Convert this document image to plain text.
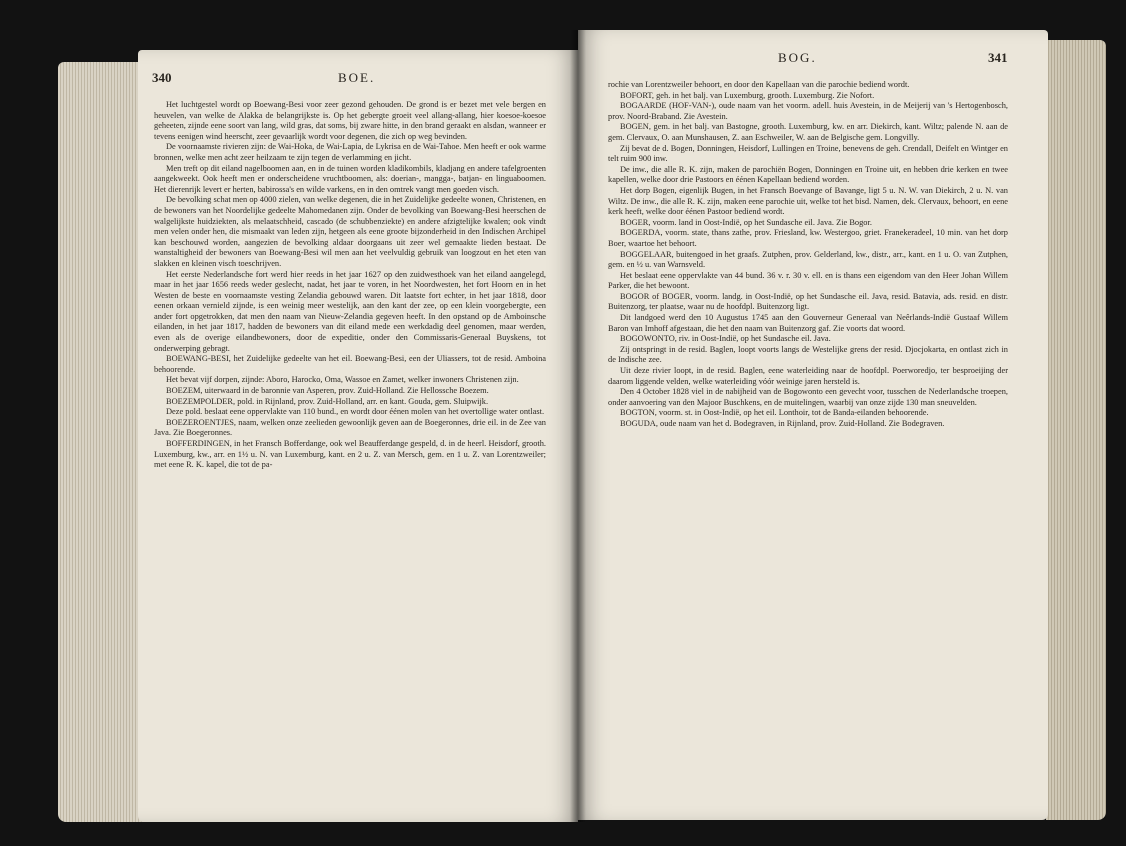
340	BOE.

Het luchtgestel wordt op Boewang-Besi voor zeer gezond gehouden. De grond is er bezet met vele bergen en heuvelen, van welke de Alakka de belangrijkste is. Op het gebergte groeit veel allang-allang, hier koesoe-koesoe geheeten, zijnde eene soort van lang, wild gras, dat soms, bij zware hitte, in den brand geraakt en alsdan, wanneer er tevens eenigen wind heerscht, zeer gevaarlijk wordt voor degenen, die zich op weg bevinden.

De voornaamste rivieren zijn: de Wai-Hoka, de Wai-Lapia, de Lykrisa en de Wai-Tahoe. Men heeft er ook warme bronnen, welke men acht zeer heilzaam te zijn tegen de verlamming en jicht.

Men treft op dit eiland nagelboomen aan, en in de tuinen worden kladikombils, kladjang en andere tafelgroenten aangekweekt. Ook heeft men er onderscheidene vruchtboomen, als: doerian-, mangga-, batjan- en linguaboomen. Het dierenrijk levert er herten, babirossa's en wilde varkens, en in den omtrek vangt men goeden visch.

De bevolking schat men op 4000 zielen, van welke degenen, die in het Zuidelijke gedeelte wonen, Christenen, en de bewoners van het Noordelijke gedeelte Mahomedanen zijn. Onder de bevolking van Boewang-Besi heerschen de walgelijkste huidziekten, als melaatschheid, cascado (de schubbenziekte) en andere afzigtelijke kwalen; ook vindt men velen onder hen, die mismaakt van leden zijn, hetgeen als eene groote bijzonderheid in den Indischen Archipel kan beschouwd worden, aangezien de bevolking aldaar doorgaans uit zeer wel gemaakte lieden bestaat. De wanstaltigheid der bewoners van Boewang-Besi wil men aan het veelvuldig gebruik van loogzout en het eten van slakken en kleinen visch toeschrijven.

Het eerste Nederlandsche fort werd hier reeds in het jaar 1627 op den zuidwesthoek van het eiland aangelegd, maar in het jaar 1656 reeds weder geslecht, nadat, het jaar te voren, in het Noordwesten, het fort Hoorn en in het Westen de beste en voornaamste vesting Zelandia gebouwd waren. Dit laatste fort echter, in het jaar 1818, door eenen orkaan vernield zijnde, is een weinig meer westelijk, aan den kant der zee, op een klein voorgebergte, een ander fort opgetrokken, dat men den naam van Nieuw-Zelandia gegeven heeft. In den opstand op de Amboinsche eilanden, in het jaar 1817, hadden de bewoners van dit eiland mede een werkdadig deel genomen, maar werden, even als de overige eilandbewoners, door de expeditie, onder den Commissaris-Generaal Buyskens, tot onderwerping gebragt.

BOEWANG-BESI, het Zuidelijke gedeelte van het eil. Boewang-Besi, een der Uliassers, tot de resid. Amboina behoorende.

Het bevat vijf dorpen, zijnde: Aboro, Harocko, Oma, Wassoe en Zamet, welker inwoners Christenen zijn.

BOEZEM, uiterwaard in de baronnie van Asperen, prov. Zuid-Holland. Zie Hellossche Boezem.

BOEZEMPOLDER, pold. in Rijnland, prov. Zuid-Holland, arr. en kant. Gouda, gem. Sluipwijk.

Deze pold. beslaat eene oppervlakte van 110 bund., en wordt door éénen molen van het overtollige water ontlast.

BOEZEROENTJES, naam, welken onze zeelieden gewoonlijk geven aan de Boegeronnes, drie eil. in de Zee van Java. Zie Boegeronnes.

BOFFERDINGEN, in het Fransch Bofferdange, ook wel Beaufferdange gespeld, d. in de heerl. Heisdorf, grooth. Luxemburg, kw., arr. en 1½ u. N. van Luxemburg, kant. en 2 u. Z. van Mersch, gem. en 1 u. Z. van Lorentzweiler; met eene R. K. kapel, die tot de pa-

BOG.	341

rochie van Lorentzweiler behoort, en door den Kapellaan van die parochie bediend wordt.

BOFORT, geh. in het balj. van Luxemburg, grooth. Luxemburg. Zie Nofort.

BOGAARDE (HOF-VAN-), oude naam van het voorm. adell. huis Avestein, in de Meijerij van 's Hertogenbosch, prov. Noord-Braband. Zie Avestein.

BOGEN, gem. in het balj. van Bastogne, grooth. Luxemburg, kw. en arr. Diekirch, kant. Wiltz; palende N. aan de gem. Clervaux, O. aan Munshausen, Z. aan Eschweiler, W. aan de Belgische gem. Longvilly.

Zij bevat de d. Bogen, Donningen, Heisdorf, Lullingen en Troine, benevens de geh. Crendall, Deifelt en Wintger en telt ruim 900 inw.

De inw., die alle R. K. zijn, maken de parochiën Bogen, Donningen en Troine uit, en hebben drie kerken en twee kapellen, welke door drie Pastoors en éénen Kapellaan bediend worden.

Het dorp Bogen, eigenlijk Bugen, in het Fransch Boevange of Bavange, ligt 5 u. N. W. van Diekirch, 2 u. N. van Wiltz. De inw., die alle R. K. zijn, maken eene parochie uit, welke tot het bisd. Namen, dek. Clervaux, behoort, en eene kerk heeft, welke door éénen Pastoor bediend wordt.

BOGER, voorm. land in Oost-Indië, op het Sundasche eil. Java. Zie Bogor.

BOGERDA, voorm. state, thans zathe, prov. Friesland, kw. Westergoo, griet. Franekeradeel, 10 min. van het dorp Boer, waartoe het behoort.

BOGGELAAR, buitengoed in het graafs. Zutphen, prov. Gelderland, kw., distr., arr., kant. en 1 u. O. van Zutphen, gem. en ½ u. van Warnsveld.

Het beslaat eene oppervlakte van 44 bund. 36 v. r. 30 v. ell. en is thans een eigendom van den Heer Johan Willem Parker, die het bewoont.

BOGOR of BOGER, voorm. landg. in Oost-Indië, op het Sundasche eil. Java, resid. Batavia, ads. resid. en distr. Buitenzorg, ter plaatse, waar nu de hoofdpl. Buitenzorg ligt.

Dit landgoed werd den 10 Augustus 1745 aan den Gouverneur Generaal van Neêrlands-Indië Gustaaf Willem Baron van Imhoff afgestaan, die het den naam van Buitenzorg gaf. Zie voorts dat woord.

BOGOWONTO, riv. in Oost-Indië, op het Sundasche eil. Java.

Zij ontspringt in de resid. Baglen, loopt voorts langs de Westelijke grens der resid. Djocjokarta, en ontlast zich in de Indische zee.

Uit deze rivier loopt, in de resid. Baglen, eene waterleiding naar de hoofdpl. Poerworedjo, ter besproeijing der daarom liggende velden, welke waterleiding vóór weinige jaren hersteld is.

Den 4 October 1828 viel in de nabijheid van de Bogowonto een gevecht voor, tusschen de Nederlandsche troepen, onder aanvoering van den Majoor Buschkens, en de muitelingen, waarbij van onze zijde 130 man sneuvelden.

BOGTON, voorm. st. in Oost-Indië, op het eil. Lonthoir, tot de Banda-eilanden behoorende.

BOGUDA, oude naam van het d. Bodegraven, in Rijnland, prov. Zuid-Holland. Zie Bodegraven.
